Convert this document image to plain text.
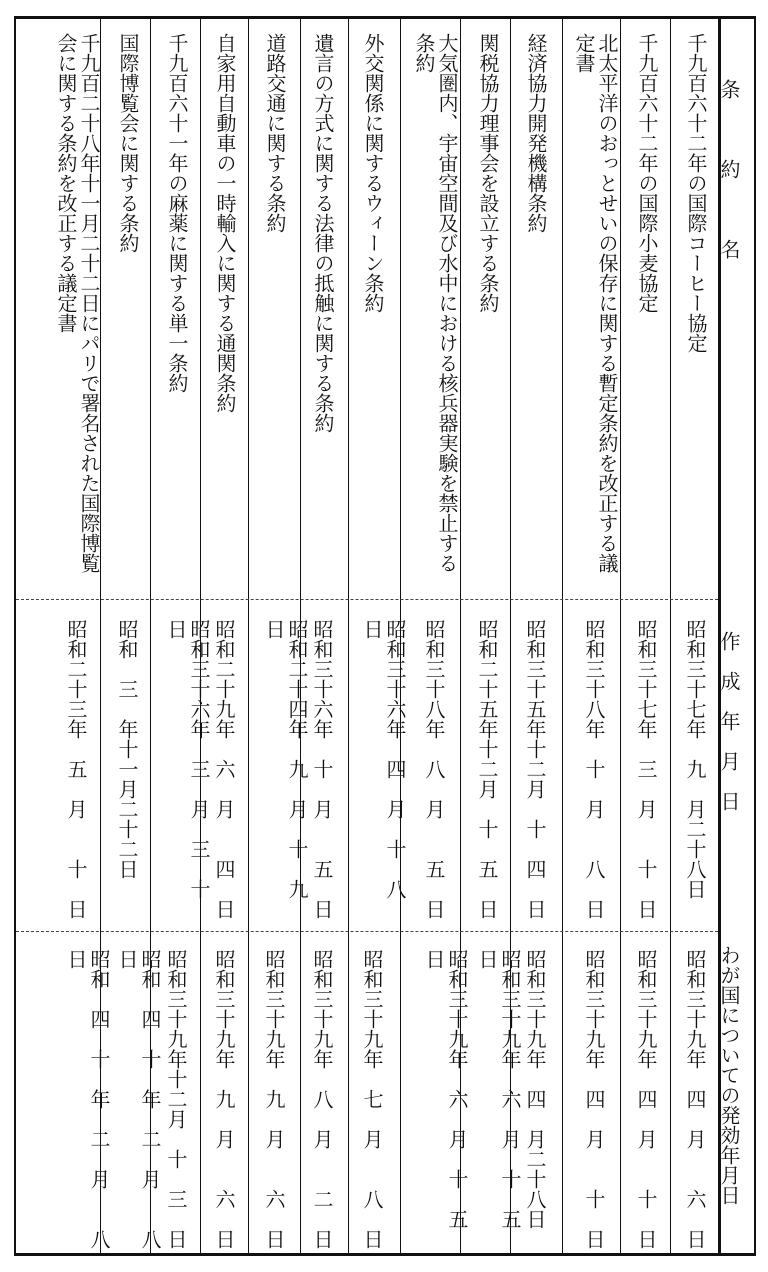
条　　　約　　　名
作　成　年　月　日
わが国についての発効年月日
千九百六十二年の国際コーヒー協定
昭和三十七年　九　月二十八日
昭和三十九年　四　月　　六　日
千九百六十二年の国際小麦協定
昭和三十七年　三　月　　十　日
昭和三十九年　四　月　　十　日
北太平洋のおっとせいの保存に関する暫定条約を改正する議定書
昭和三十八年　十　月　　八　日
昭和三十九年　四　月　　十　日
経済協力開発機構条約
昭和三十五年十二月　十　四　日
昭和三十九年　四　月二十八日
関税協力理事会を設立する条約
昭和二十五年十二月　十　五　日
昭和三十九年　六　月　十　五　日
大気圏内、宇宙空間及び水中における核兵器実験を禁止する条約
昭和三十八年　八　月　　五　日
昭和三十九年　六　月　十　五　日
外交関係に関するウィーン条約
昭和三十六年　四　月　十　八　日
昭和三十九年　七　月　　八　日
遺言の方式に関する法律の抵触に関する条約
昭和三十六年　十　月　　五　日
昭和三十九年　八　月　　二　日
道路交通に関する条約
昭和二十四年　九　月　十　九　日
昭和三十九年　九　月　　六　日
自家用自動車の一時輸入に関する通関条約
昭和二十九年　六　月　　四　日
昭和三十九年　九　月　　六　日
千九百六十一年の麻薬に関する単一条約
昭和三十六年　三　月　三　十　日
昭和三十九年十二月　十　三　日
国際博覧会に関する条約
昭和　三　年十一月二十二日
昭和　四　十　年　二　月　　八　日
千九百二十八年十一月二十二日にパリで署名された国際博覧会に関する条約を改正する議定書
昭和二十三年　五　月　　十　日
昭和　四　十　年　二　月　　八　日
